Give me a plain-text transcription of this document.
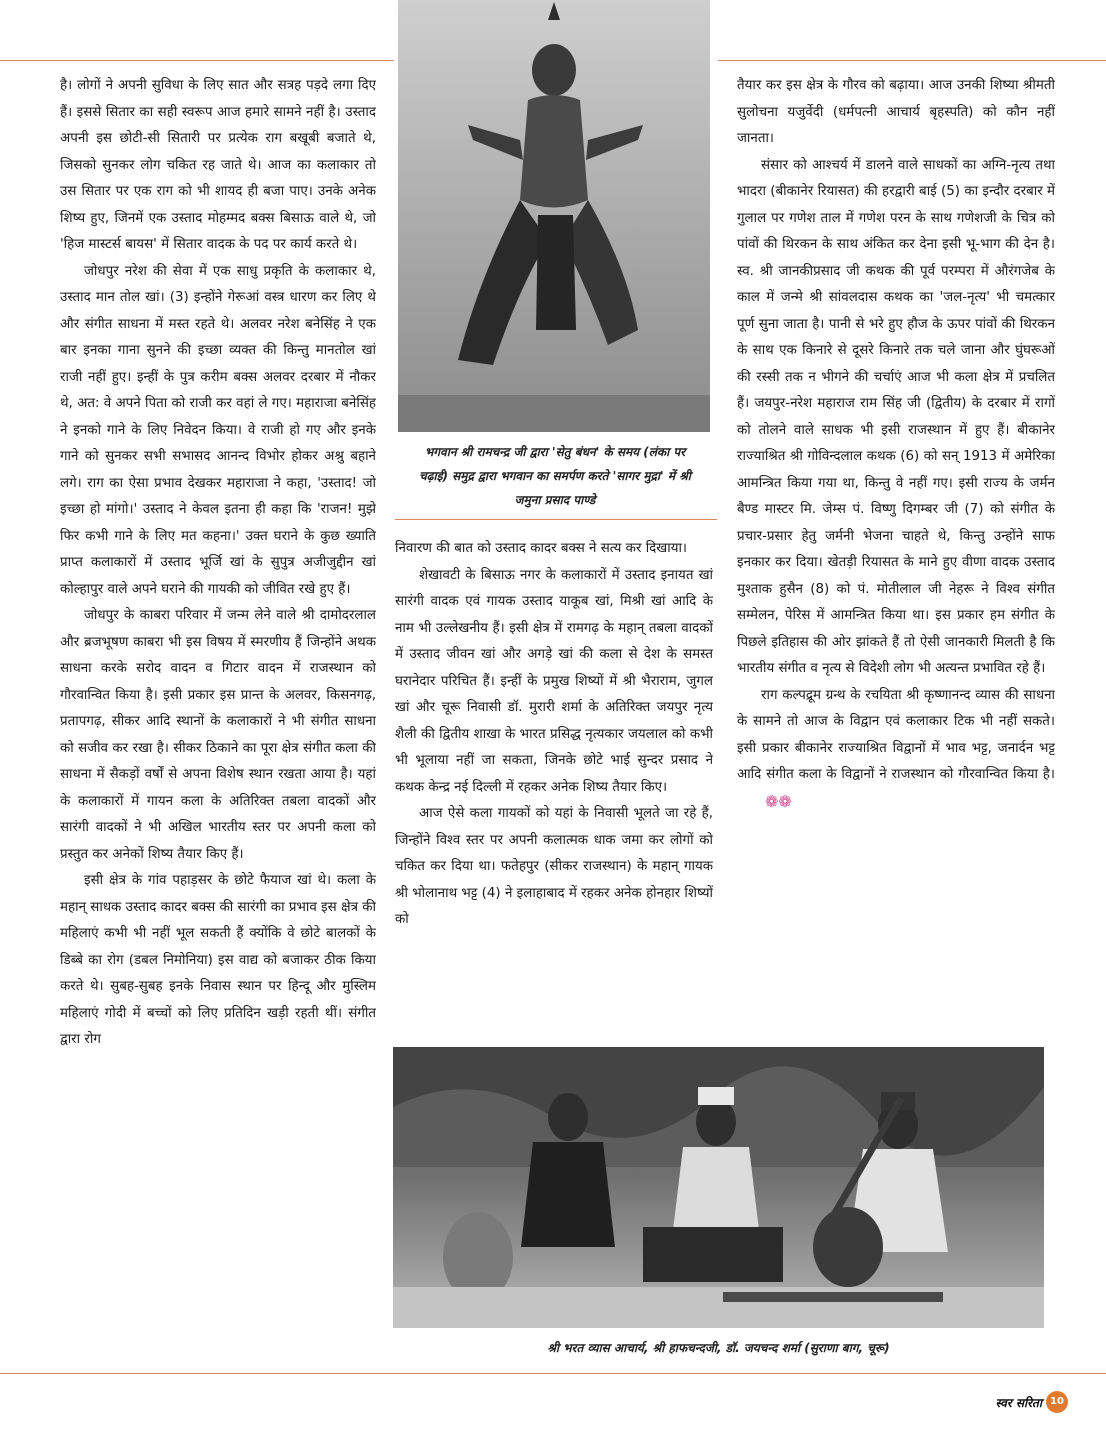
है। लोगों ने अपनी सुविधा के लिए सात और सत्रह पड़दे लगा दिए हैं। इससे सितार का सही स्वरूप आज हमारे सामने नहीं है। उस्ताद अपनी इस छोटी-सी सितारी पर प्रत्येक राग बखूबी बजाते थे, जिसको सुनकर लोग चकित रह जाते थे। आज का कलाकार तो उस सितार पर एक राग को भी शायद ही बजा पाए। उनके अनेक शिष्य हुए, जिनमें एक उस्ताद मोहम्मद बक्स बिसाऊ वाले थे, जो 'हिज मास्टर्स बायस' में सितार वादक के पद पर कार्य करते थे।

जोधपुर नरेश की सेवा में एक साधु प्रकृति के कलाकार थे, उस्ताद मान तोल खां। (3) इन्होंने गेरूआं वस्त्र धारण कर लिए थे और संगीत साधना में मस्त रहते थे। अलवर नरेश बनेसिंह ने एक बार इनका गाना सुनने की इच्छा व्यक्त की किन्तु मानतोल खां राजी नहीं हुए। इन्हीं के पुत्र करीम बक्स अलवर दरबार में नौकर थे, अत: वे अपने पिता को राजी कर वहां ले गए। महाराजा बनेसिंह ने इनको गाने के लिए निवेदन किया। वे राजी हो गए और इनके गाने को सुनकर सभी सभासद आनन्द विभोर होकर अश्रु बहाने लगे। राग का ऐसा प्रभाव देखकर महाराजा ने कहा, 'उस्ताद! जो इच्छा हो मांगो।' उस्ताद ने केवल इतना ही कहा कि 'राजन! मुझे फिर कभी गाने के लिए मत कहना।' उक्त घराने के कुछ ख्याति प्राप्त कलाकारों में उस्ताद भूर्जि खां के सुपुत्र अजीजुद्दीन खां कोल्हापुर वाले अपने घराने की गायकी को जीवित रखे हुए हैं।

जोधपुर के काबरा परिवार में जन्म लेने वाले श्री दामोदरलाल और ब्रजभूषण काबरा भी इस विषय में स्मरणीय हैं जिन्होंने अथक साधना करके सरोद वादन व गिटार वादन में राजस्थान को गौरवान्वित किया है। इसी प्रकार इस प्रान्त के अलवर, किसनगढ़, प्रतापगढ़, सीकर आदि स्थानों के कलाकारों ने भी संगीत साधना को सजीव कर रखा है। सीकर ठिकाने का पूरा क्षेत्र संगीत कला की साधना में सैकड़ों वर्षों से अपना विशेष स्थान रखता आया है। यहां के कलाकारों में गायन कला के अतिरिक्त तबला वादकों और सारंगी वादकों ने भी अखिल भारतीय स्तर पर अपनी कला को प्रस्तुत कर अनेकों शिष्य तैयार किए हैं।

इसी क्षेत्र के गांव पहाड़सर के छोटे फैयाज खां थे। कला के महान् साधक उस्ताद कादर बक्स की सारंगी का प्रभाव इस क्षेत्र की महिलाएं कभी भी नहीं भूल सकती हैं क्योंकि वे छोटे बालकों के डिब्बे का रोग (डबल निमोनिया) इस वाद्य को बजाकर ठीक किया करते थे। सुबह-सुबह इनके निवास स्थान पर हिन्दू और मुस्लिम महिलाएं गोदी में बच्चों को लिए प्रतिदिन खड़ी रहती थीं। संगीत द्वारा रोग

भगवान श्री रामचन्द्र जी द्वारा 'सेतु बंधन' के समय (लंका पर चढ़ाई) समुद्र द्वारा भगवान का समर्पण करते 'सागर मुद्रा' में श्री जमुना प्रसाद पाण्डे

निवारण की बात को उस्ताद कादर बक्स ने सत्य कर दिखाया।

शेखावटी के बिसाऊ नगर के कलाकारों में उस्ताद इनायत खां सारंगी वादक एवं गायक उस्ताद याकूब खां, मिश्री खां आदि के नाम भी उल्लेखनीय हैं। इसी क्षेत्र में रामगढ़ के महान् तबला वादकों में उस्ताद जीवन खां और अगड़े खां की कला से देश के समस्त घरानेदार परिचित हैं। इन्हीं के प्रमुख शिष्यों में श्री भैराराम, जुगल खां और चूरू निवासी डॉ. मुरारी शर्मा के अतिरिक्त जयपुर नृत्य शैली की द्वितीय शाखा के भारत प्रसिद्ध नृत्यकार जयलाल को कभी भी भूलाया नहीं जा सकता, जिनके छोटे भाई सुन्दर प्रसाद ने कथक केन्द्र नई दिल्ली में रहकर अनेक शिष्य तैयार किए।

आज ऐसे कला गायकों को यहां के निवासी भूलते जा रहे हैं, जिन्होंने विश्व स्तर पर अपनी कलात्मक धाक जमा कर लोगों को चकित कर दिया था। फतेहपुर (सीकर राजस्थान) के महान् गायक श्री भोलानाथ भट्ट (4) ने इलाहाबाद में रहकर अनेक होनहार शिष्यों को

तैयार कर इस क्षेत्र के गौरव को बढ़ाया। आज उनकी शिष्या श्रीमती सुलोचना यजुर्वेदी (धर्मपत्नी आचार्य बृहस्पति) को कौन नहीं जानता।

संसार को आश्चर्य में डालने वाले साधकों का अग्नि-नृत्य तथा भादरा (बीकानेर रियासत) की हरद्वारी बाई (5) का इन्दौर दरबार में गुलाल पर गणेश ताल में गणेश परन के साथ गणेशजी के चित्र को पांवों की थिरकन के साथ अंकित कर देना इसी भू-भाग की देन है। स्व. श्री जानकीप्रसाद जी कथक की पूर्व परम्परा में औरंगजेब के काल में जन्मे श्री सांवलदास कथक का 'जल-नृत्य' भी चमत्कार पूर्ण सुना जाता है। पानी से भरे हुए हौज के ऊपर पांवों की थिरकन के साथ एक किनारे से दूसरे किनारे तक चले जाना और घुंघरूओं की रस्सी तक न भीगने की चर्चाएं आज भी कला क्षेत्र में प्रचलित हैं। जयपुर-नरेश महाराज राम सिंह जी (द्वितीय) के दरबार में रागों को तोलने वाले साधक भी इसी राजस्थान में हुए हैं। बीकानेर राज्याश्रित श्री गोविन्दलाल कथक (6) को सन् 1913 में अमेरिका आमन्त्रित किया गया था, किन्तु वे नहीं गए। इसी राज्य के जर्मन बैण्ड मास्टर मि. जेम्स पं. विष्णु दिगम्बर जी (7) को संगीत के प्रचार-प्रसार हेतु जर्मनी भेजना चाहते थे, किन्तु उन्होंने साफ इनकार कर दिया। खेतड़ी रियासत के माने हुए वीणा वादक उस्ताद मुश्ताक हुसैन (8) को पं. मोतीलाल जी नेहरू ने विश्व संगीत सम्मेलन, पेरिस में आमन्त्रित किया था। इस प्रकार हम संगीत के पिछले इतिहास की ओर झांकते हैं तो ऐसी जानकारी मिलती है कि भारतीय संगीत व नृत्य से विदेशी लोग भी अत्यन्त प्रभावित रहे हैं।

राग कल्पद्रूम ग्रन्थ के रचयिता श्री कृष्णानन्द व्यास की साधना के सामने तो आज के विद्वान एवं कलाकार टिक भी नहीं सकते। इसी प्रकार बीकानेर राज्याश्रित विद्वानों में भाव भट्ट, जनार्दन भट्ट आदि संगीत कला के विद्वानों ने राजस्थान को गौरवान्वित किया है।❁❁

श्री भरत व्यास आचार्य, श्री हाफचन्दजी, डॉ. जयचन्द शर्मा (सुराणा बाग, चूरू)
स्वर सरिता 10
